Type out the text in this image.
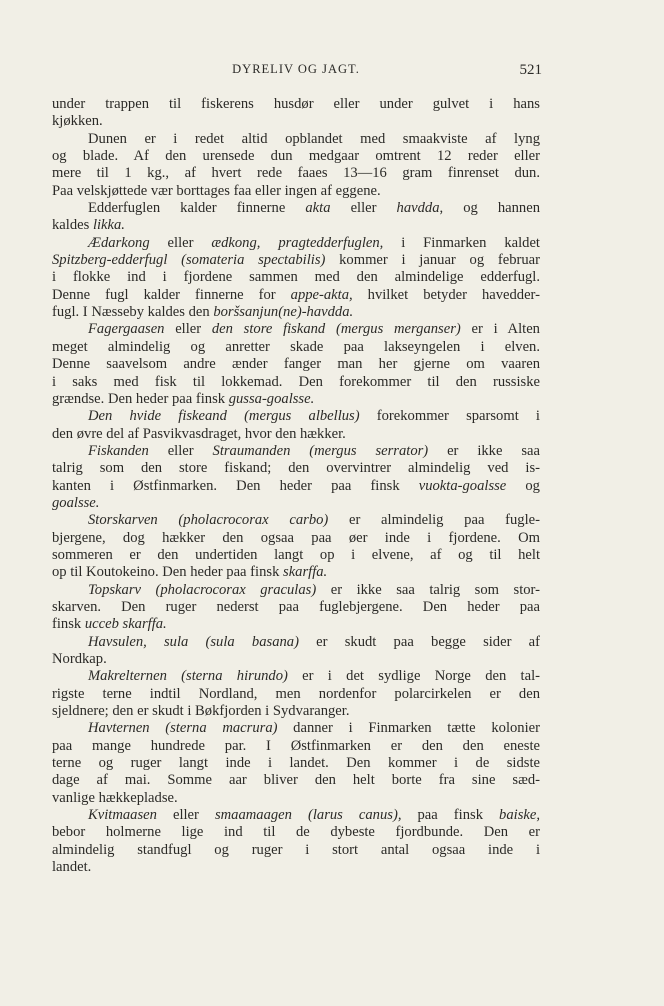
DYRELIV OG JAGT.	521
under trappen til fiskerens husdør eller under gulvet i hans
kjøkken.
Dunen er i redet altid opblandet med smaakviste af lyng
og blade. Af den urensede dun medgaar omtrent 12 reder eller
mere til 1 kg., af hvert rede faaes 13—16 gram finrenset dun.
Paa velskjøttede vær borttages faa eller ingen af eggene.
Edderfuglen kalder finnerne akta eller havdda, og hannen
kaldes likka.
Ædarkong eller ædkong, pragtedderfuglen, i Finmarken kaldet
Spitzberg-edderfugl (somateria spectabilis) kommer i januar og februar
i flokke ind i fjordene sammen med den almindelige edderfugl.
Denne fugl kalder finnerne for appe-akta, hvilket betyder havedder-
fugl. I Næsseby kaldes den boršsanjun(ne)-havdda.
Fagergaasen eller den store fiskand (mergus merganser) er i Alten
meget almindelig og anretter skade paa lakseyngelen i elven.
Denne saavelsom andre ænder fanger man her gjerne om vaaren
i saks med fisk til lokkemad. Den forekommer til den russiske
grændse. Den heder paa finsk gussa-goalsse.
Den hvide fiskeand (mergus albellus) forekommer sparsomt i
den øvre del af Pasvikvasdraget, hvor den hækker.
Fiskanden eller Straumanden (mergus serrator) er ikke saa
talrig som den store fiskand; den overvintrer almindelig ved is-
kanten i Østfinmarken. Den heder paa finsk vuokta-goalsse og
goalsse.
Storskarven (pholacrocorax carbo) er almindelig paa fugle-
bjergene, dog hækker den ogsaa paa øer inde i fjordene. Om
sommeren er den undertiden langt op i elvene, af og til helt
op til Koutokeino. Den heder paa finsk skarffa.
Topskarv (pholacrocorax graculas) er ikke saa talrig som stor-
skarven. Den ruger nederst paa fuglebjergene. Den heder paa
finsk ucceb skarffa.
Havsulen, sula (sula basana) er skudt paa begge sider af
Nordkap.
Makrelternen (sterna hirundo) er i det sydlige Norge den tal-
rigste terne indtil Nordland, men nordenfor polarcirkelen er den
sjeldnere; den er skudt i Bøkfjorden i Sydvaranger.
Havternen (sterna macrura) danner i Finmarken tætte kolonier
paa mange hundrede par. I Østfinmarken er den den eneste
terne og ruger langt inde i landet. Den kommer i de sidste
dage af mai. Somme aar bliver den helt borte fra sine sæd-
vanlige hækkepladse.
Kvitmaasen eller smaamaagen (larus canus), paa finsk baiske,
bebor holmerne lige ind til de dybeste fjordbunde. Den er
almindelig standfugl og ruger i stort antal ogsaa inde i
landet.
